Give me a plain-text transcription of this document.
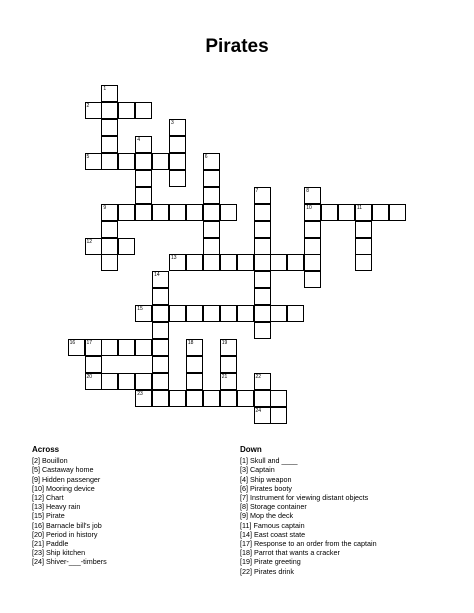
Pirates
1
2
3
4
5	6
7	8
9	10	11
12
13
14
15
16 17	18	19
20	21	22
23
24
Across
[2] Bouillon
[5] Castaway home
[9] Hidden passenger
[10] Mooring device
[12] Chart
[13] Heavy rain
[15] Pirate
[16] Barnacle bill's job
[20] Period in history
[21] Paddle
[23] Ship kitchen
[24] Shiver-___-timbers
Down
[1] Skull and ____
[3] Captain
[4] Ship weapon
[6] Pirates booty
[7] Instrument for viewing distant objects
[8] Storage container
[9] Mop the deck
[11] Famous captain
[14] East coast state
[17] Response to an order from the captain
[18] Parrot that wants a cracker
[19] Pirate greeting
[22] Pirates drink
